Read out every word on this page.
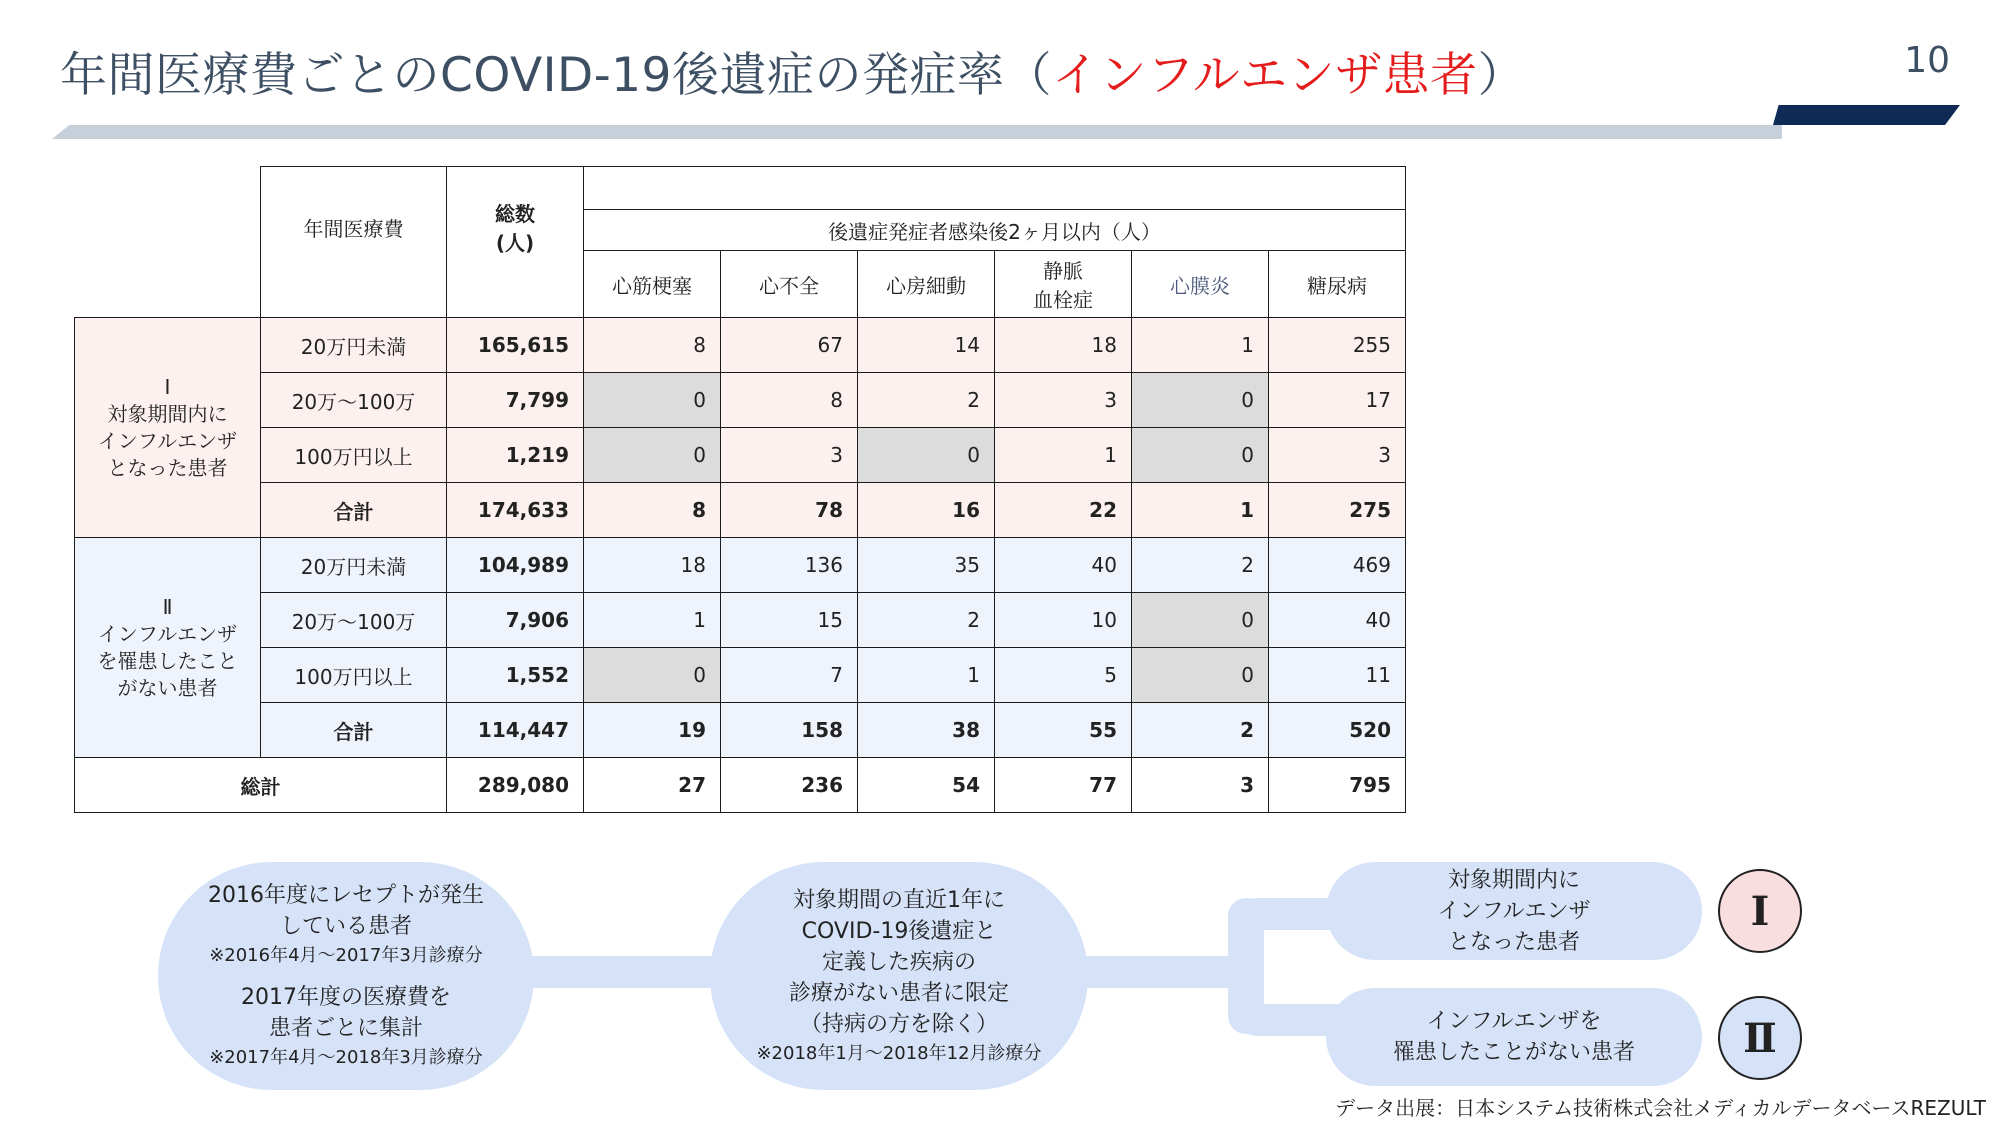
年間医療費ごとのCOVID-19後遺症の発症率（インフルエンザ患者）	10
	年間医療費	総数
(人)						

			後遺症発症者感染後2ヶ月以内（人）					
			心筋梗塞	心不全	心房細動	静脈
血栓症	心膜炎	糖尿病

Ⅰ
対象期間内に
インフルエンザ
となった患者	20万円未満	165,615	8	67	14	18	1	255
	20万～100万	7,799	0	8	2	3	0	17
	100万円以上	1,219	0	3	0	1	0	3
	合計	174,633	8	78	16	22	1	275

Ⅱ
インフルエンザ
を罹患したこと
がない患者	20万円未満	104,989	18	136	35	40	2	469
	20万～100万	7,906	1	15	2	10	0	40
	100万円以上	1,552	0	7	1	5	0	11
	合計	114,447	19	158	38	55	2	520
総計		289,080	27	236	54	77	3	795
2016年度にレセプトが発生
している患者
※2016年4月～2017年3月診療分
2017年度の医療費を
患者ごとに集計
※2017年4月～2018年3月診療分
対象期間の直近1年に
COVID-19後遺症と
定義した疾病の
診療がない患者に限定
（持病の方を除く）
※2018年1月～2018年12月診療分
対象期間内に
インフルエンザ
となった患者
インフルエンザを
罹患したことがない患者
Ⅰ
Ⅱ
データ出展：日本システム技術株式会社メディカルデータベースREZULT
